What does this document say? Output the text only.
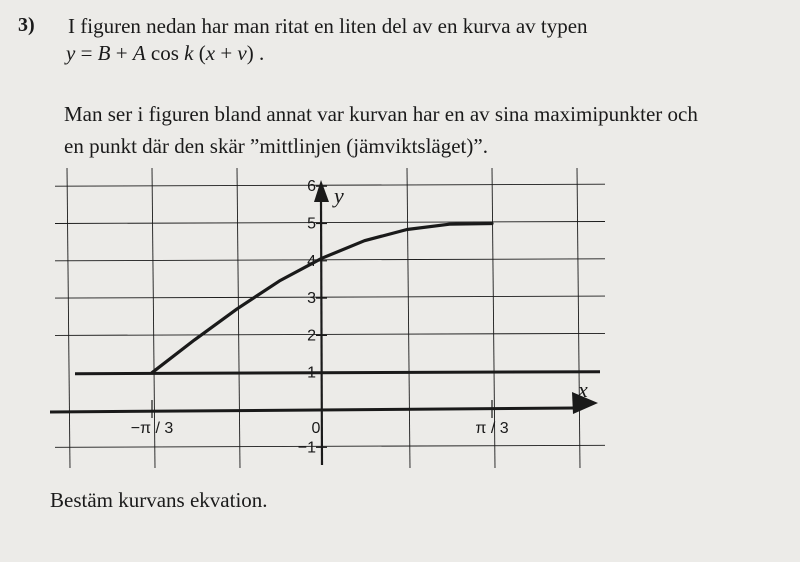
3) I figuren nedan har man ritat en liten del av en kurva av typen
y = B + A cos k (x + v) .
Man ser i figuren bland annat var kurvan har en av sina maximipunkter och
en punkt där den skär ”mittlinjen (jämviktsläget)”.
6
5
4
3
2
1
−1
−π / 3	0	π / 3
x
y
Bestäm kurvans ekvation.
